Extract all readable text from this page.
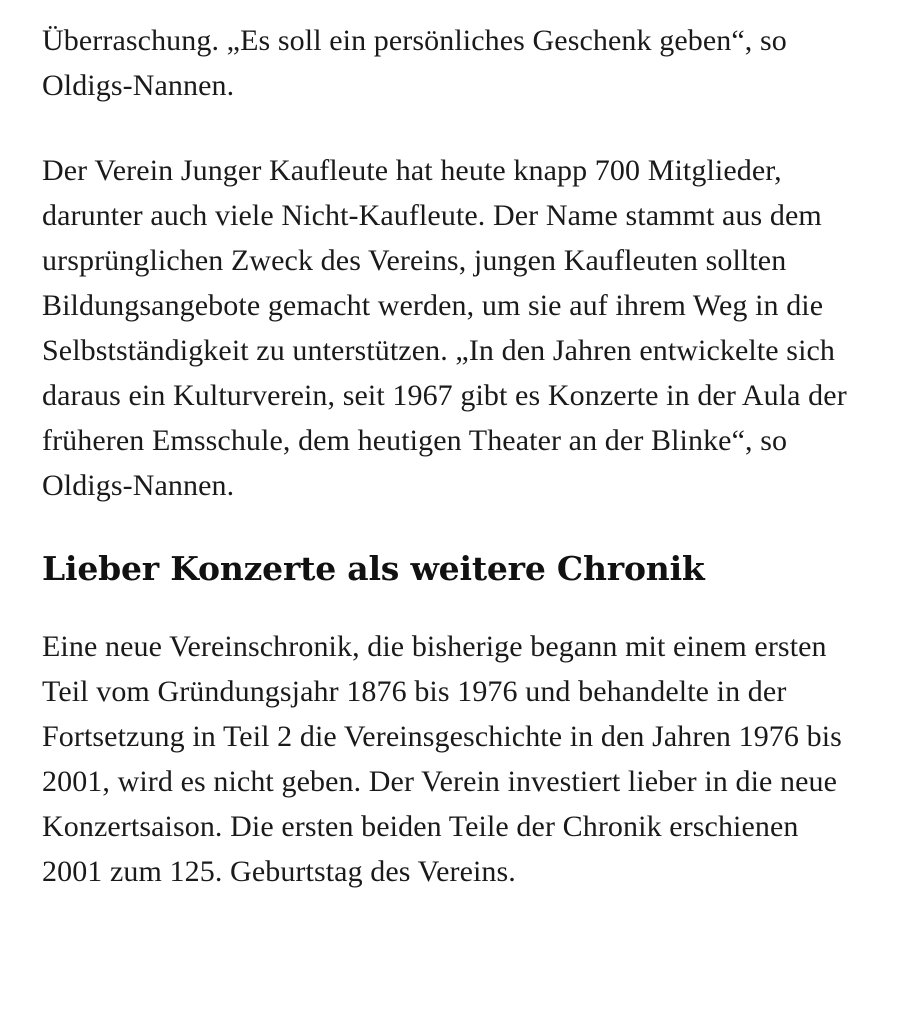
Überraschung. „Es soll ein persönliches Geschenk geben“, so Oldigs-Nannen.

Der Verein Junger Kaufleute hat heute knapp 700 Mitglieder, darunter auch viele Nicht-Kaufleute. Der Name stammt aus dem ursprünglichen Zweck des Vereins, jungen Kaufleuten sollten Bildungsangebote gemacht werden, um sie auf ihrem Weg in die Selbstständigkeit zu unterstützen. „In den Jahren entwickelte sich daraus ein Kulturverein, seit 1967 gibt es Konzerte in der Aula der früheren Emsschule, dem heutigen Theater an der Blinke“, so Oldigs-Nannen.

Lieber Konzerte als weitere Chronik

Eine neue Vereinschronik, die bisherige begann mit einem ersten Teil vom Gründungsjahr 1876 bis 1976 und behandelte in der Fortsetzung in Teil 2 die Vereinsgeschichte in den Jahren 1976 bis 2001, wird es nicht geben. Der Verein investiert lieber in die neue Konzertsaison. Die ersten beiden Teile der Chronik erschienen 2001 zum 125. Geburtstag des Vereins.
